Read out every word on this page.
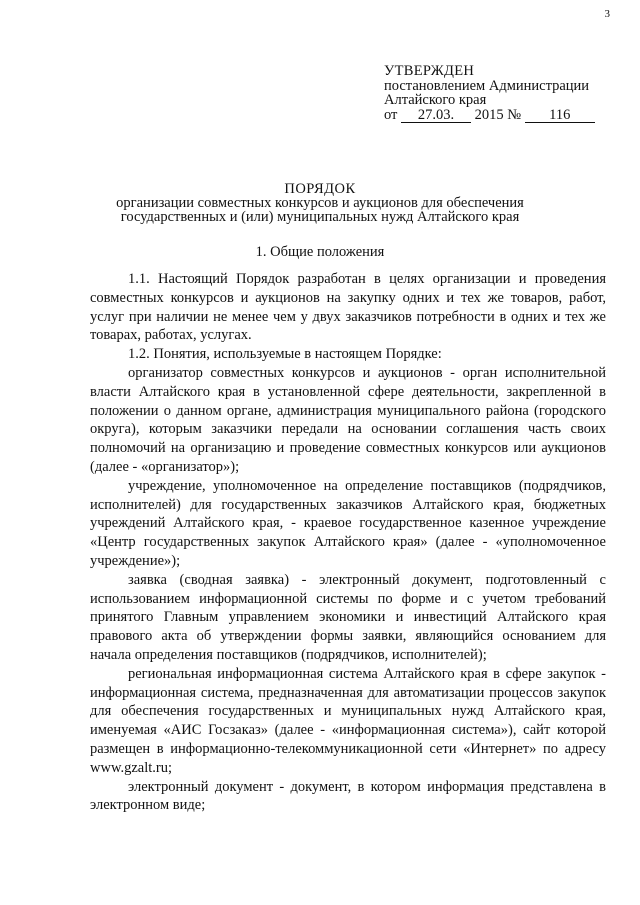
3
УТВЕРЖДЕН
постановлением Администрации
Алтайского края
от 27.03. 2015 № 116
ПОРЯДОК
организации совместных конкурсов и аукционов для обеспечения
государственных и (или) муниципальных нужд Алтайского края
1. Общие положения

1.1. Настоящий Порядок разработан в целях организации и проведения совместных конкурсов и аукционов на закупку одних и тех же товаров, работ, услуг при наличии не менее чем у двух заказчиков потребности в одних и тех же товарах, работах, услугах.

1.2. Понятия, используемые в настоящем Порядке:

организатор совместных конкурсов и аукционов - орган исполнительной власти Алтайского края в установленной сфере деятельности, закрепленной в положении о данном органе, администрация муниципального района (городского округа), которым заказчики передали на основании соглашения часть своих полномочий на организацию и проведение совместных конкурсов или аукционов (далее - «организатор»);

учреждение, уполномоченное на определение поставщиков (подрядчиков, исполнителей) для государственных заказчиков Алтайского края, бюджетных учреждений Алтайского края, - краевое государственное казенное учреждение «Центр государственных закупок Алтайского края» (далее - «уполномоченное учреждение»);

заявка (сводная заявка) - электронный документ, подготовленный с использованием информационной системы по форме и с учетом требований принятого Главным управлением экономики и инвестиций Алтайского края правового акта об утверждении формы заявки, являющийся основанием для начала определения поставщиков (подрядчиков, исполнителей);

региональная информационная система Алтайского края в сфере закупок - информационная система, предназначенная для автоматизации процессов закупок для обеспечения государственных и муниципальных нужд Алтайского края, именуемая «АИС Госзаказ» (далее - «информационная система»), сайт которой размещен в информационно-телекоммуникационной сети «Интернет» по адресу www.gzalt.ru;

электронный документ - документ, в котором информация представлена в электронном виде;
